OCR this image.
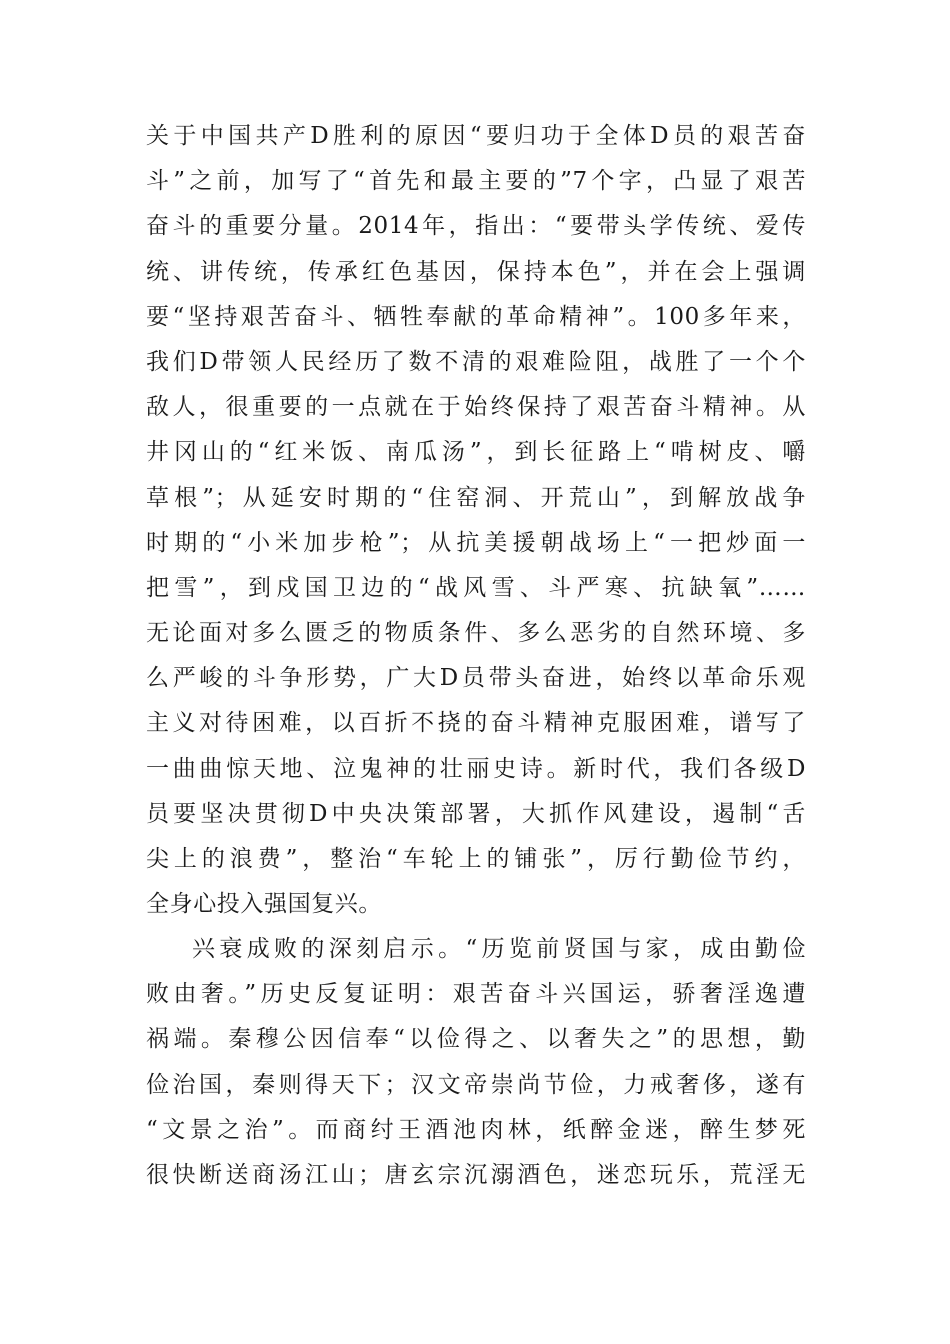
关于中国共产D胜利的原因“要归功于全体D员的艰苦奋
斗”之前，加写了“首先和最主要的”7个字，凸显了艰苦
奋斗的重要分量。2014年，指出：“要带头学传统、爱传
统、讲传统，传承红色基因，保持本色”，并在会上强调
要“坚持艰苦奋斗、牺牲奉献的革命精神”。100多年来，
我们D带领人民经历了数不清的艰难险阻，战胜了一个个
敌人，很重要的一点就在于始终保持了艰苦奋斗精神。从
井冈山的“红米饭、南瓜汤”，到长征路上“啃树皮、嚼
草根”；从延安时期的“住窑洞、开荒山”，到解放战争
时期的“小米加步枪”；从抗美援朝战场上“一把炒面一
把雪”，到戍国卫边的“战风雪、斗严寒、抗缺氧”……
无论面对多么匮乏的物质条件、多么恶劣的自然环境、多
么严峻的斗争形势，广大D员带头奋进，始终以革命乐观
主义对待困难，以百折不挠的奋斗精神克服困难，谱写了
一曲曲惊天地、泣鬼神的壮丽史诗。新时代，我们各级D
员要坚决贯彻D中央决策部署，大抓作风建设，遏制“舌
尖上的浪费”，整治“车轮上的铺张”，厉行勤俭节约，
全身心投入强国复兴。
兴衰成败的深刻启示。“历览前贤国与家，成由勤俭
败由奢。”历史反复证明：艰苦奋斗兴国运，骄奢淫逸遭
祸端。秦穆公因信奉“以俭得之、以奢失之”的思想，勤
俭治国，秦则得天下；汉文帝崇尚节俭，力戒奢侈，遂有
“文景之治”。而商纣王酒池肉林，纸醉金迷，醉生梦死
很快断送商汤江山；唐玄宗沉溺酒色，迷恋玩乐，荒淫无
